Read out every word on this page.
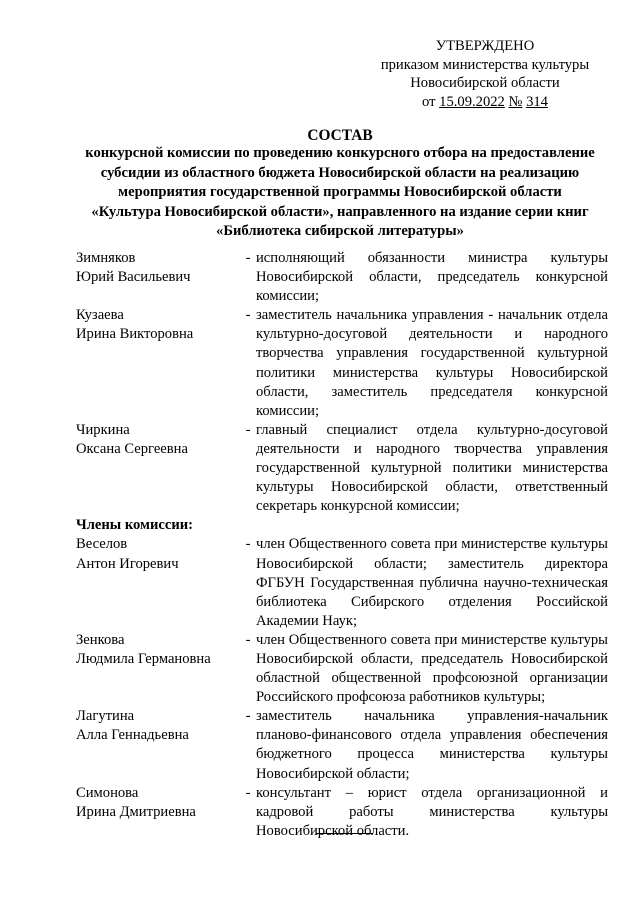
УТВЕРЖДЕНО
приказом министерства культуры
Новосибирской области
от 15.09.2022 № 314
СОСТАВ
конкурсной комиссии по проведению конкурсного отбора на предоставление
субсидии из областного бюджета Новосибирской области на реализацию
мероприятия государственной программы Новосибирской области
«Культура Новосибирской области», направленного на издание серии книг
«Библиотека сибирской литературы»
Зимняков
Юрий Васильевич
- исполняющий обязанности министра культуры Новосибирской области, председатель конкурсной комиссии;
Кузаева
Ирина Викторовна
- заместитель начальника управления - начальник отдела культурно-досуговой деятельности и народного творчества управления государственной культурной политики министерства культуры Новосибирской области, заместитель председателя конкурсной комиссии;
Чиркина
Оксана Сергеевна
- главный специалист отдела культурно-досуговой деятельности и народного творчества управления государственной культурной политики министерства культуры Новосибирской области, ответственный секретарь конкурсной комиссии;
Члены комиссии:
Веселов
Антон Игоревич
- член Общественного совета при министерстве культуры Новосибирской области; заместитель директора ФГБУН Государственная публична научно-техническая библиотека Сибирского отделения Российской Академии Наук;
Зенкова
Людмила Германовна
- член Общественного совета при министерстве культуры Новосибирской области, председатель Новосибирской областной общественной профсоюзной организации Российского профсоюза работников культуры;
Лагутина
Алла Геннадьевна
- заместитель начальника управления-начальник планово-финансового отдела управления обеспечения бюджетного процесса министерства культуры Новосибирской области;
Симонова
Ирина Дмитриевна
- консультант – юрист отдела организационной и кадровой работы министерства культуры Новосибирской области.
